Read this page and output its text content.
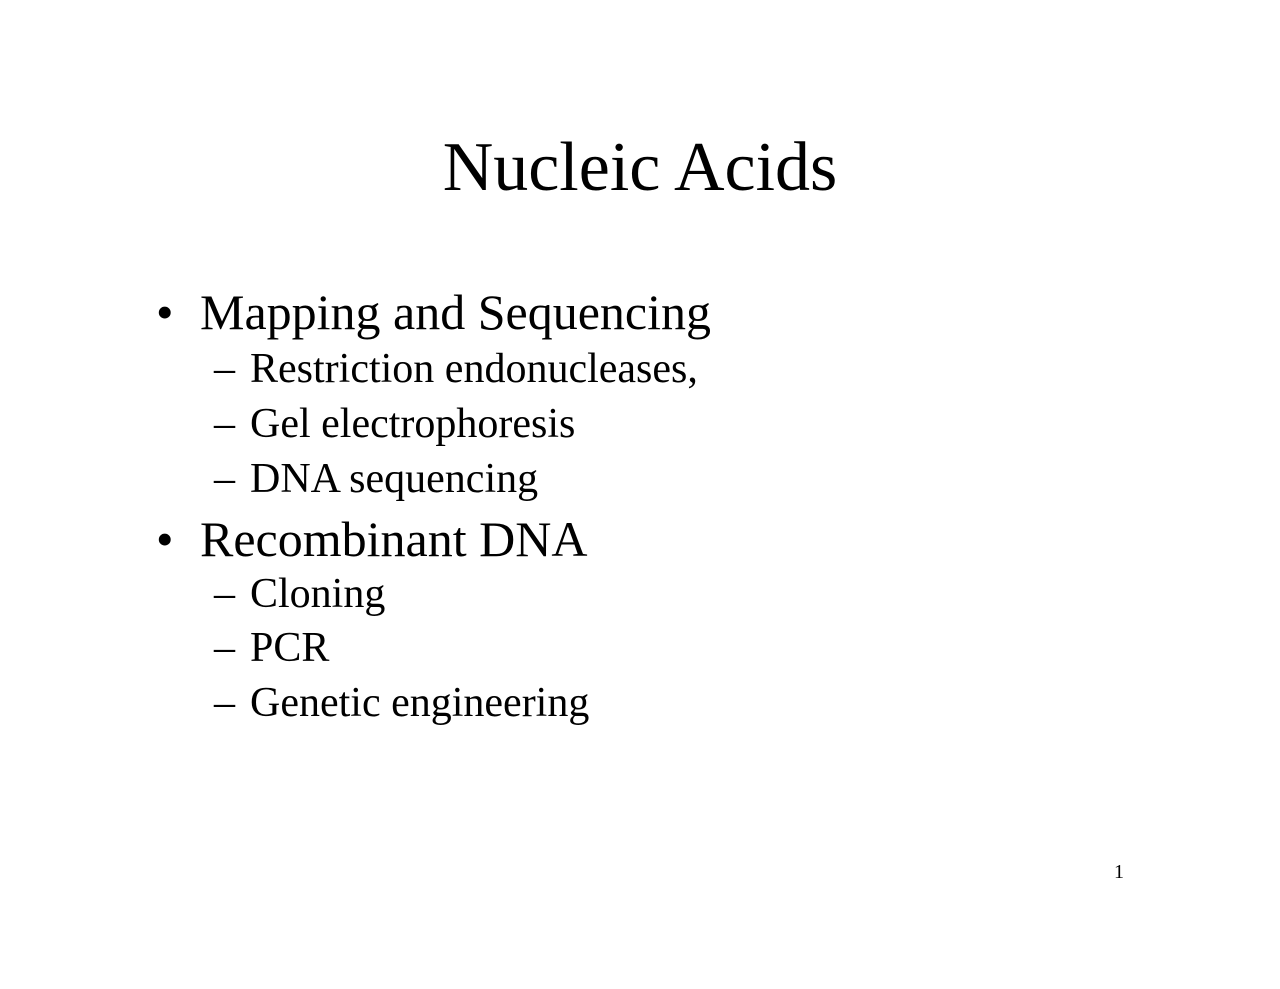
Nucleic Acids
• Mapping and Sequencing
– Restriction endonucleases,
– Gel electrophoresis
– DNA sequencing
• Recombinant DNA
– Cloning
– PCR
– Genetic engineering
1
